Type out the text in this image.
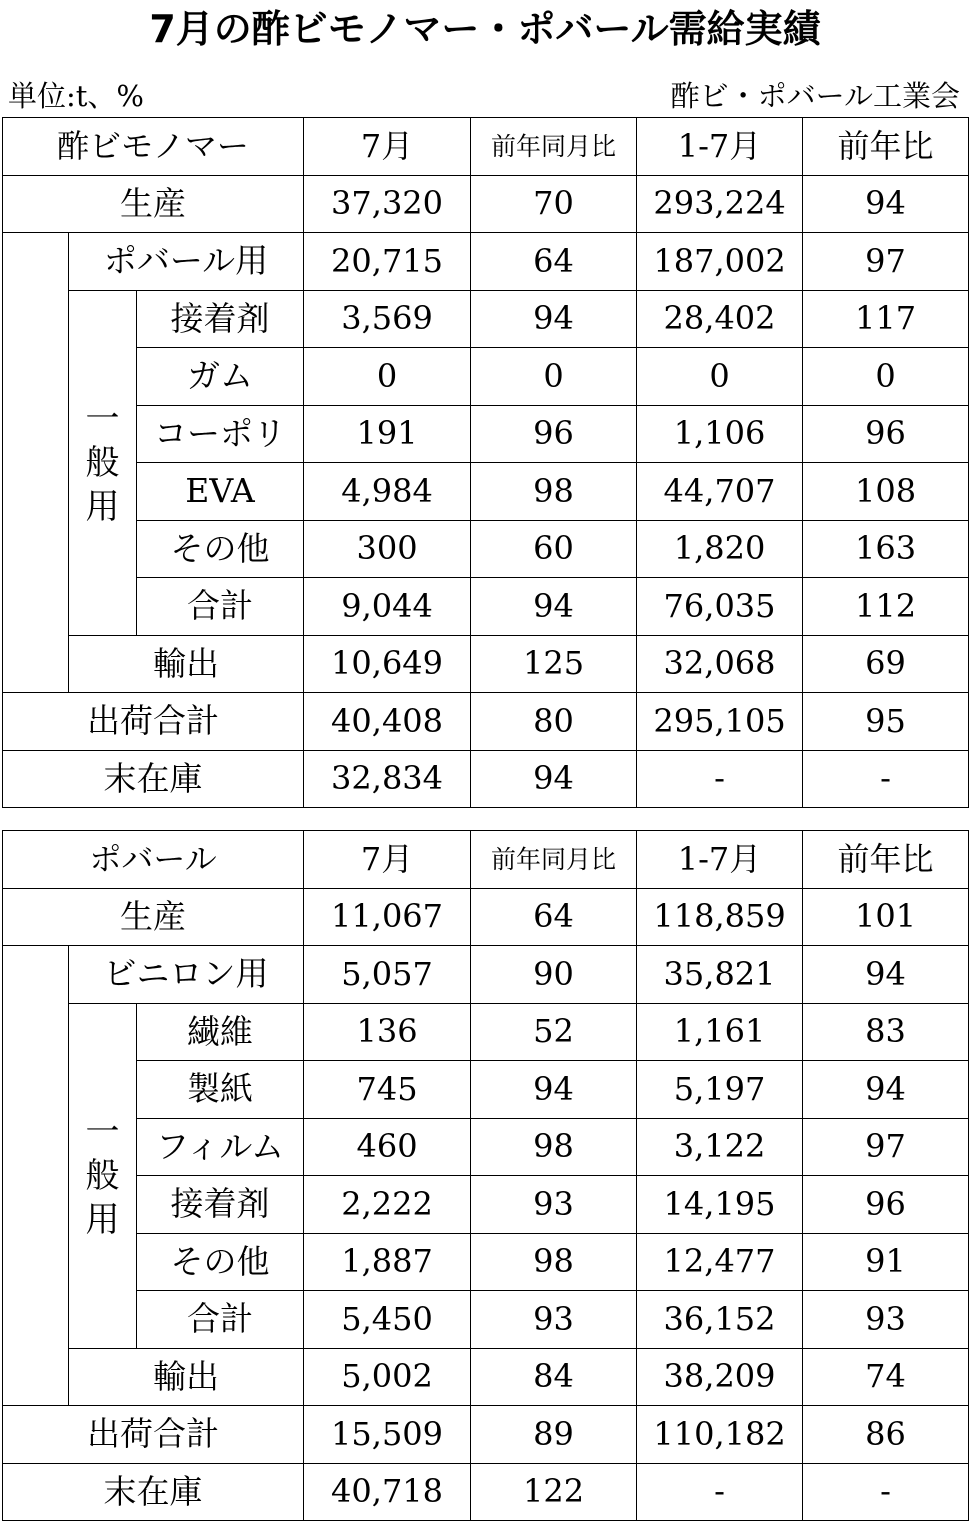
7月の酢ビモノマー・ポバール需給実績
単位:t、%	酢ビ・ポバール工業会
酢ビモノマー			7月	前年同月比	1-7月	前年比
生産			37,320	70	293,224	94
	ポバール用		20,715	64	187,002	97
	一般用	接着剤	3,569	94	28,402	117
		ガム	0	0	0	0
		コーポリ	191	96	1,106	96
		EVA	4,984	98	44,707	108
		その他	300	60	1,820	163
		合計	9,044	94	76,035	112
	輸出		10,649	125	32,068	69
出荷合計			40,408	80	295,105	95
末在庫			32,834	94	-	-
ポバール			7月	前年同月比	1-7月	前年比
生産			11,067	64	118,859	101
	ビニロン用		5,057	90	35,821	94
	一般用	繊維	136	52	1,161	83
		製紙	745	94	5,197	94
		フィルム	460	98	3,122	97
		接着剤	2,222	93	14,195	96
		その他	1,887	98	12,477	91
		合計	5,450	93	36,152	93
	輸出		5,002	84	38,209	74
出荷合計			15,509	89	110,182	86
末在庫			40,718	122	-	-
